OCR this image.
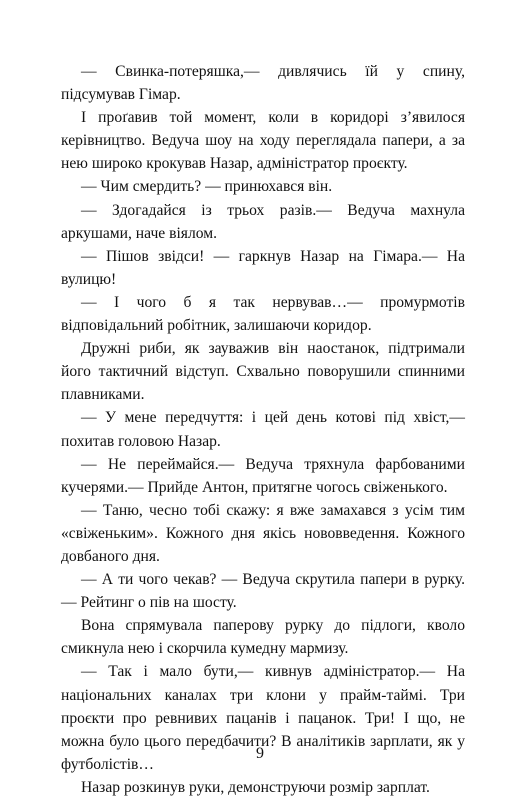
— Свинка-потеряшка,— дивлячись їй у спину, підсумував Гімар.

І проґавив той момент, коли в коридорі з’явилося керівництво. Ведуча шоу на ходу переглядала папери, а за нею широко крокував Назар, адміністратор проєкту.

— Чим смердить? — принюхався він.

— Здогадайся із трьох разів.— Ведуча махнула аркушами, наче віялом.

— Пішов звідси! — гаркнув Назар на Гімара.— На вулицю!

— І чого б я так нервував…— промурмотів відповідальний робітник, залишаючи коридор.

Дружні риби, як зауважив він наостанок, підтримали його тактичний відступ. Схвально поворушили спинними плавниками.

— У мене передчуття: і цей день котові під хвіст,— похитав головою Назар.

— Не переймайся.— Ведуча тряхнула фарбованими кучерями.— Прийде Антон, притягне чогось свіженького.

— Таню, чесно тобі скажу: я вже замахався з усім тим «свіженьким». Кожного дня якісь нововведення. Кожного довбаного дня.

— А ти чого чекав? — Ведуча скрутила папери в рурку.— Рейтинг о пів на шосту.

Вона спрямувала паперову рурку до підлоги, кволо смикнула нею і скорчила кумедну мармизу.

— Так і мало бути,— кивнув адміністратор.— На національних каналах три клони у прайм-таймі. Три проєкти про ревнивих пацанів і пацанок. Три! І що, не можна було цього передбачити? В аналітиків зарплати, як у футболістів…

Назар розкинув руки, демонструючи розмір зарплат.

9
